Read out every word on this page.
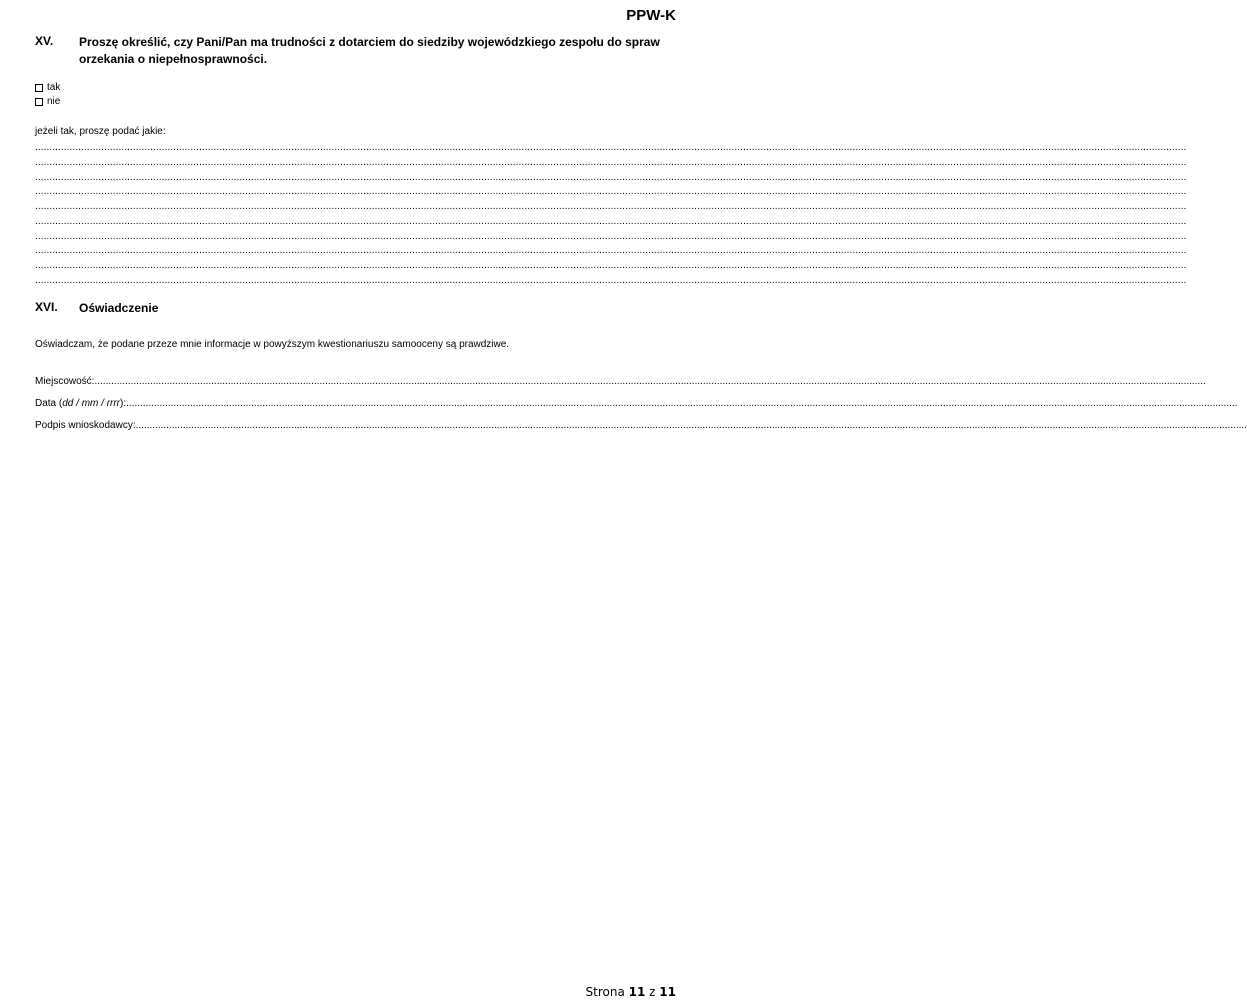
PPW-K
XV. Proszę określić, czy Pani/Pan ma trudności z dotarciem do siedziby wojewódzkiego zespołu do spraw orzekania o niepełnosprawności.
tak
nie
jeżeli tak, proszę podać jakie:
................................................................................................................................................................................................................................................................................................................................................................................................................
................................................................................................................................................................................................................................................................................................................................................................................................................
................................................................................................................................................................................................................................................................................................................................................................................................................
................................................................................................................................................................................................................................................................................................................................................................................................................
................................................................................................................................................................................................................................................................................................................................................................................................................
................................................................................................................................................................................................................................................................................................................................................................................................................
................................................................................................................................................................................................................................................................................................................................................................................................................
................................................................................................................................................................................................................................................................................................................................................................................................................
................................................................................................................................................................................................................................................................................................................................................................................................................
................................................................................................................................................................................................................................................................................................................................................................................................................
XVI. Oświadczenie
Oświadczam, że podane przeze mnie informacje w powyższym kwestionariuszu samooceny są prawdziwe.
Miejscowość: ................................................................................................................................................................................................................................................................................................................................................................................................................
Data (dd / mm / rrrr): ................................................................................................................................................................................................................................................................................................................................................................................................................
Podpis wnioskodawcy: ................................................................................................................................................................................................................................................................................................................................................................................................................
Strona 11 z 11
